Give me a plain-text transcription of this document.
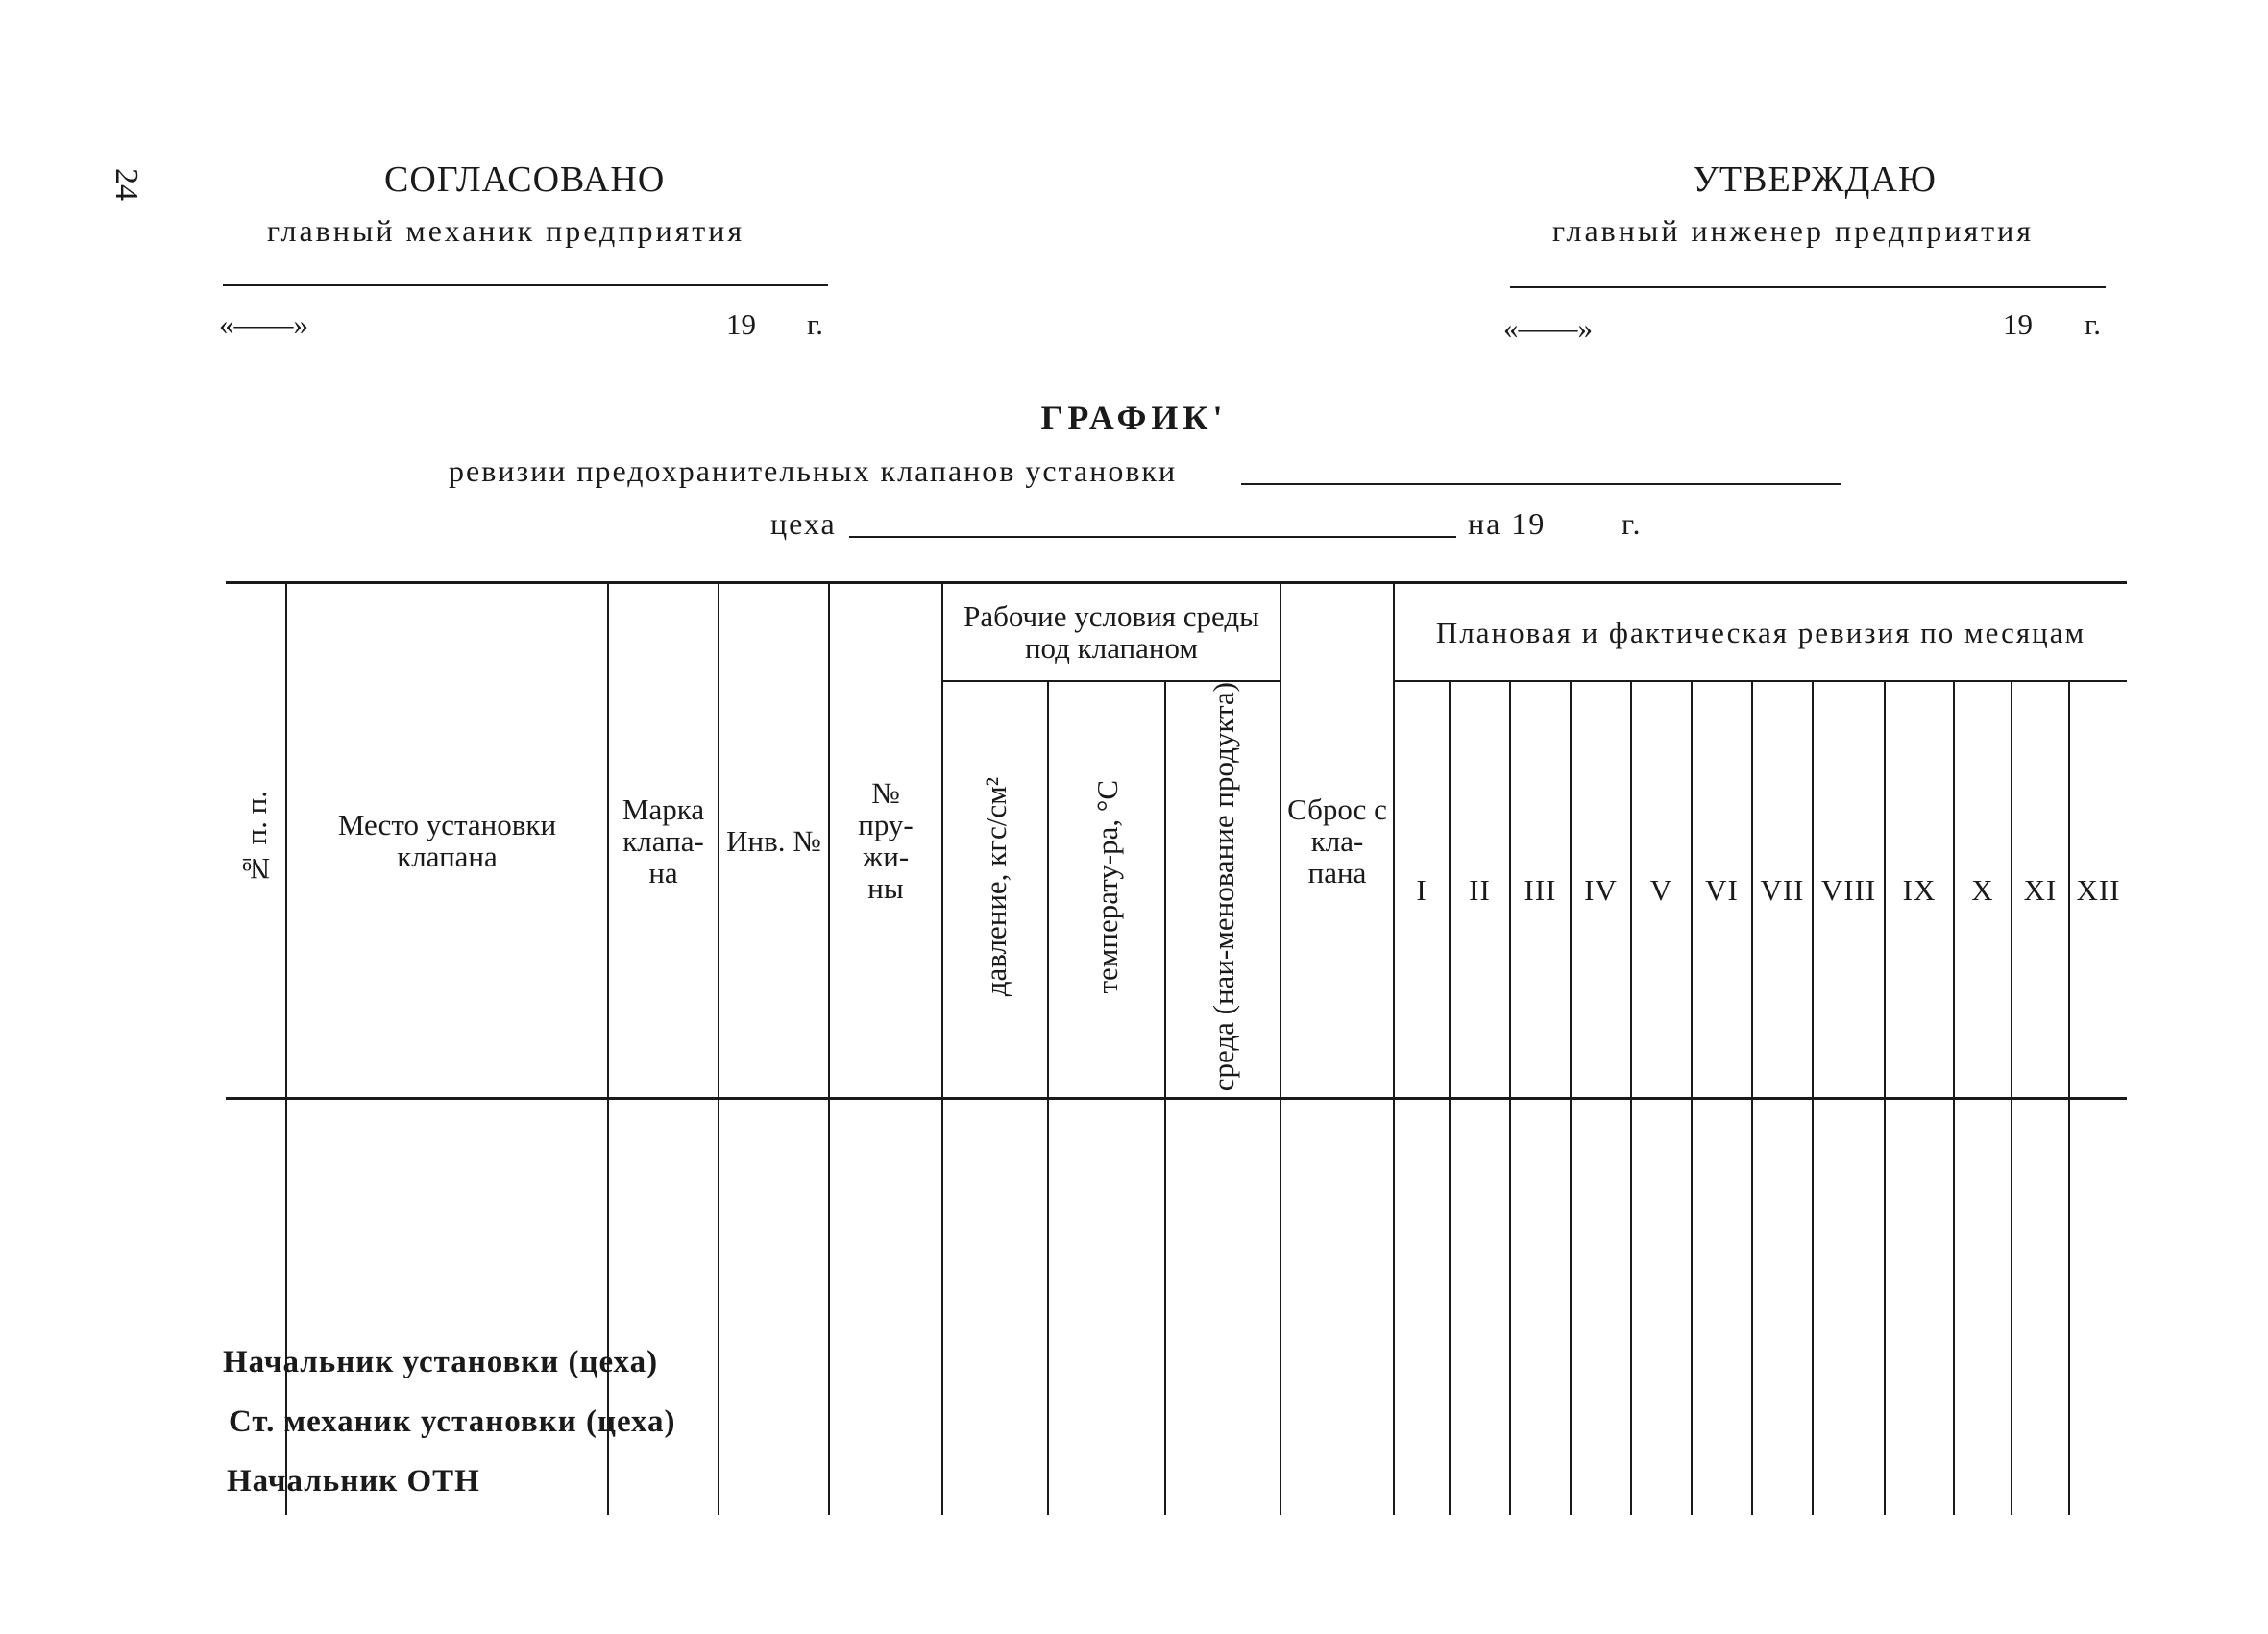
24	СОГЛАСОВАНО
главный механик предприятия
«——»	19 г.
УТВЕРЖДАЮ
главный инженер предприятия
«——»	19 г.
ГРАФИК'
ревизии предохранительных клапанов установки
цеха	на 19 г.
№ п. п.	Место установки клапана	Марка клапа-на	Инв. №	№ пру-жи-ны	Рабочие условия среды под клапаном			Сброс с кла-пана	Плановая и фактическая ревизия по месяцам											

					давление, кгс/см²	температу-ра, °С	среда (наи-менование продукта)		I	II	III	IV	V	VI	VII	VIII	IX	X	XI	XII

Начальник установки (цеха)
Ст. механик установки (цеха)
Начальник ОТН
